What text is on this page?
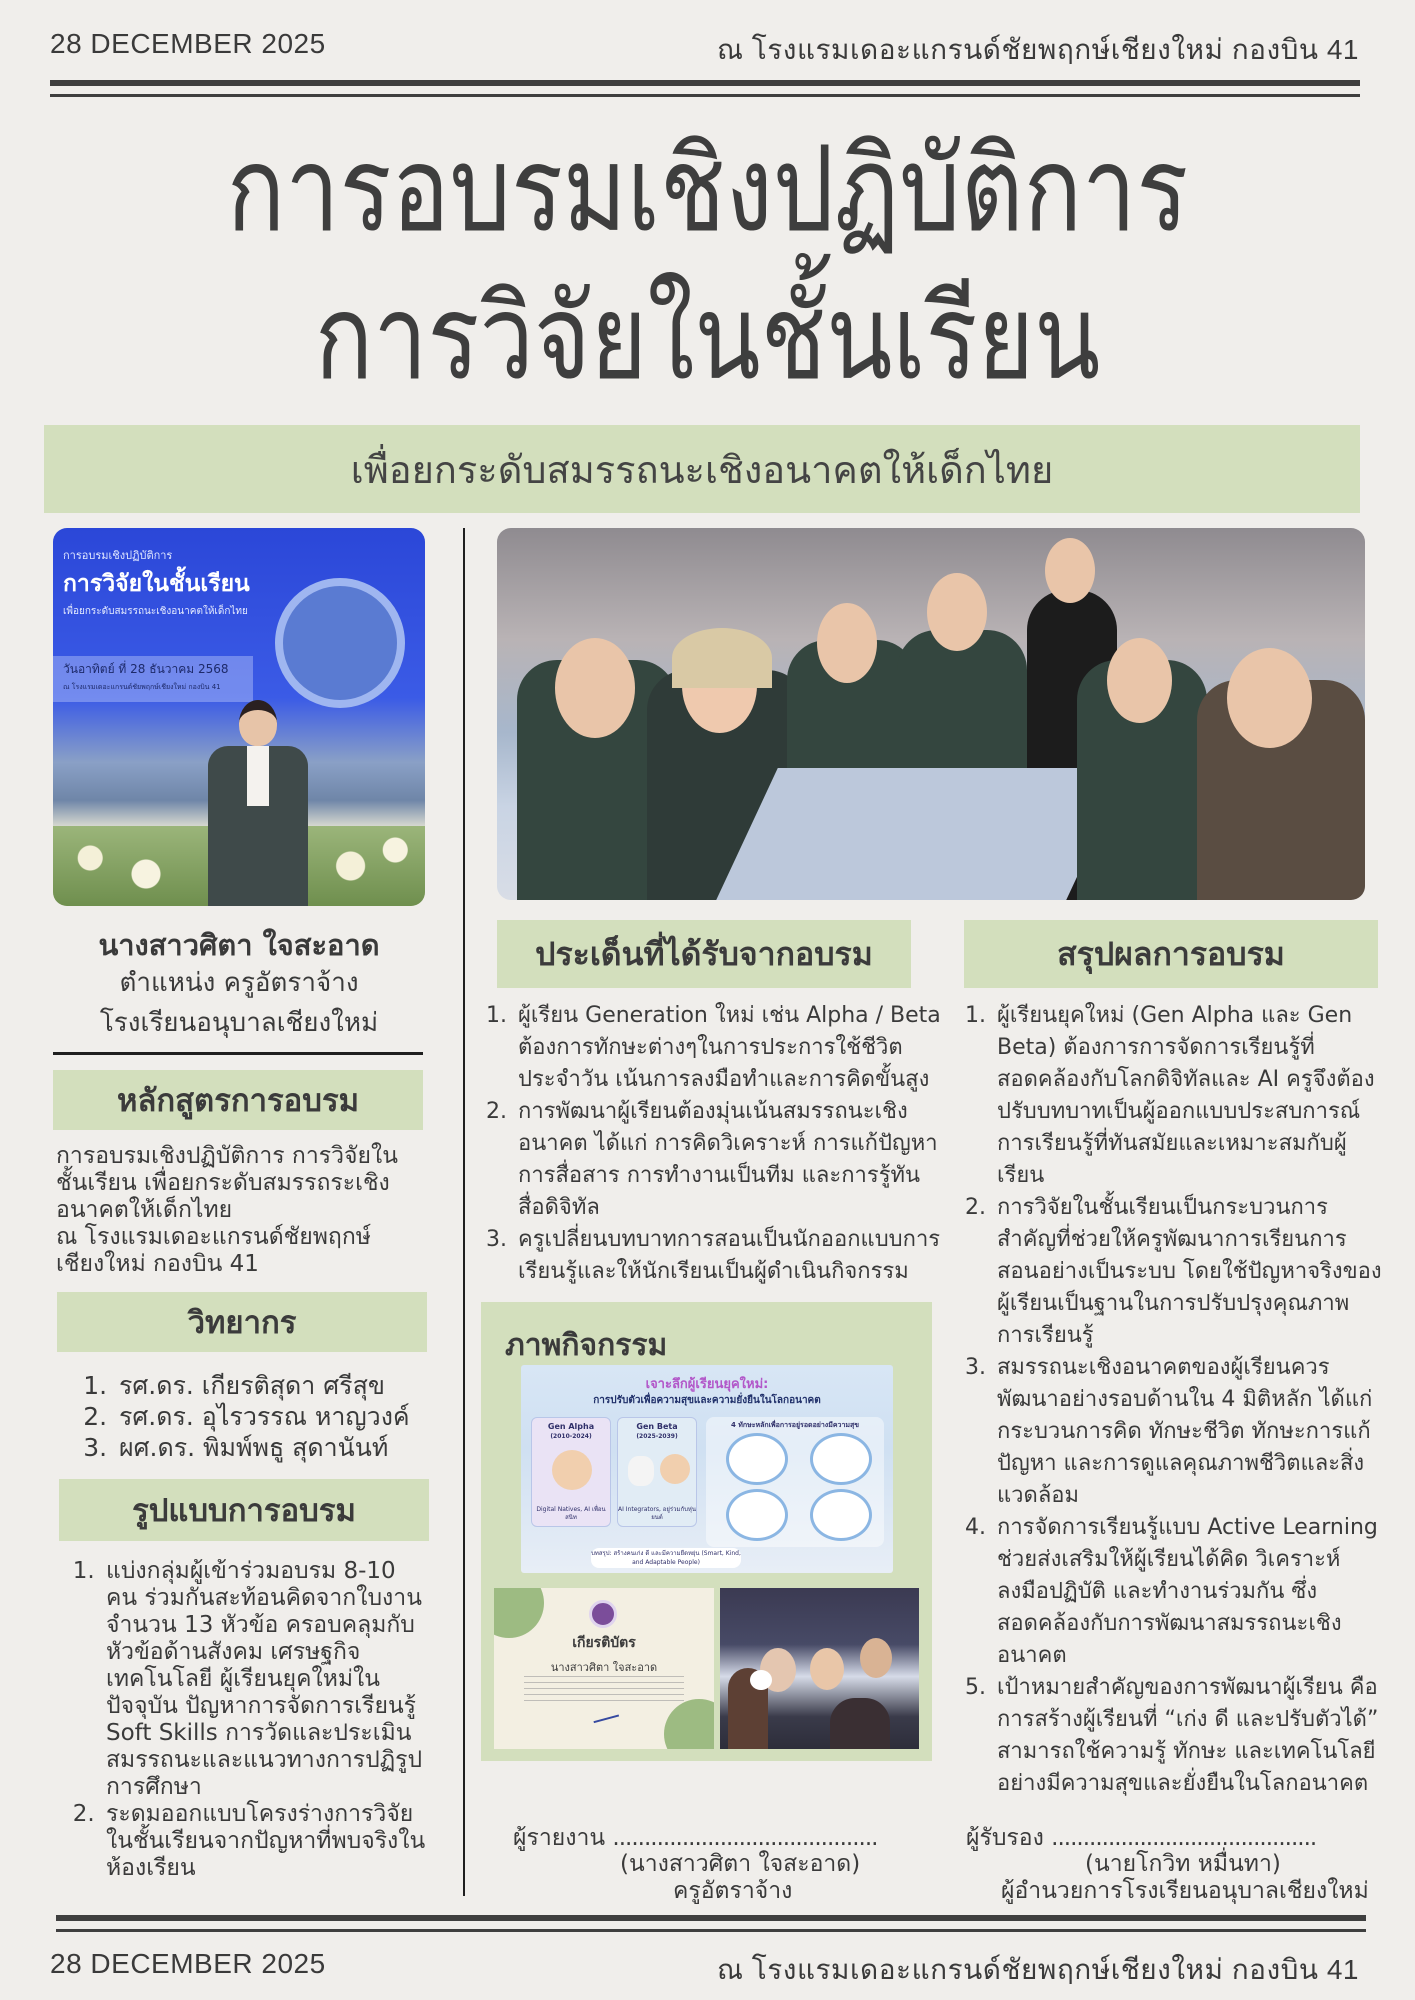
28 DECEMBER 2025	ณ โรงแรมเดอะแกรนด์ชัยพฤกษ์เชียงใหม่ กองบิน 41
การอบรมเชิงปฏิบัติการ
การวิจัยในชั้นเรียน
เพื่อยกระดับสมรรถนะเชิงอนาคตให้เด็กไทย
การอบรมเชิงปฏิบัติการ
การวิจัยในชั้นเรียน
เพื่อยกระดับสมรรถนะเชิงอนาคตให้เด็กไทย
วันอาทิตย์ ที่ 28 ธันวาคม 2568
ณ โรงแรมเดอะแกรนด์ชัยพฤกษ์เชียงใหม่ กองบิน 41
นางสาวศิตา ใจสะอาด
ตำแหน่ง ครูอัตราจ้าง
โรงเรียนอนุบาลเชียงใหม่
หลักสูตรการอบรม
การอบรมเชิงปฏิบัติการ การวิจัยใน
ชั้นเรียน เพื่อยกระดับสมรรถระเชิง
อนาคตให้เด็กไทย
ณ โรงแรมเดอะแกรนด์ชัยพฤกษ์
เชียงใหม่ กองบิน 41
วิทยากร
1. รศ.ดร. เกียรติสุดา ศรีสุข
2. รศ.ดร. อุไรวรรณ หาญวงค์
3. ผศ.ดร. พิมพ์พธู สุดานันท์
รูปแบบการอบรม
1. แบ่งกลุ่มผู้เข้าร่วมอบรม 8-10 คน ร่วมกันสะท้อนคิดจากใบงานจำนวน 13 หัวข้อ ครอบคลุมกับหัวข้อด้านสังคม เศรษฐกิจ เทคโนโลยี ผู้เรียนยุคใหม่ในปัจจุบัน ปัญหาการจัดการเรียนรู้ Soft Skills การวัดและประเมินสมรรถนะและแนวทางการปฏิรูปการศึกษา
2. ระดมออกแบบโครงร่างการวิจัยในชั้นเรียนจากปัญหาที่พบจริงในห้องเรียน
ประเด็นที่ได้รับจากอบรม
1. ผู้เรียน Generation ใหม่ เช่น Alpha / Beta ต้องการทักษะต่างๆในการประการใช้ชีวิตประจำวัน เน้นการลงมือทำและการคิดขั้นสูง
2. การพัฒนาผู้เรียนต้องมุ่นเน้นสมรรถนะเชิงอนาคต ได้แก่ การคิดวิเคราะห์ การแก้ปัญหา การสื่อสาร การทำงานเป็นทีม และการรู้ทันสื่อดิจิทัล
3. ครูเปลี่ยนบทบาทการสอนเป็นนักออกแบบการเรียนรู้และให้นักเรียนเป็นผู้ดำเนินกิจกรรม
ภาพกิจกรรม
เจาะลึกผู้เรียนยุคใหม่:
การปรับตัวเพื่อความสุขและความยั่งยืนในโลกอนาคต
Gen Alpha
(2010-2024)
Digital Natives, AI เพื่อนสนิท
Gen Beta
(2025-2039)
AI Integrators, อยู่ร่วมกับหุ่นยนต์
4 ทักษะหลักเพื่อการอยู่รอดอย่างมีความสุข
บทสรุป: สร้างคนเก่ง ดี และมีความยืดหยุ่น (Smart, Kind, and Adaptable People)
เกียรติบัตร
นางสาวศิตา ใจสะอาด
สรุปผลการอบรม
1. ผู้เรียนยุคใหม่ (Gen Alpha และ Gen Beta) ต้องการการจัดการเรียนรู้ที่สอดคล้องกับโลกดิจิทัลและ AI ครูจึงต้องปรับบทบาทเป็นผู้ออกแบบประสบการณ์การเรียนรู้ที่ทันสมัยและเหมาะสมกับผู้เรียน
2. การวิจัยในชั้นเรียนเป็นกระบวนการสำคัญที่ช่วยให้ครูพัฒนาการเรียนการสอนอย่างเป็นระบบ โดยใช้ปัญหาจริงของผู้เรียนเป็นฐานในการปรับปรุงคุณภาพการเรียนรู้
3. สมรรถนะเชิงอนาคตของผู้เรียนควรพัฒนาอย่างรอบด้านใน 4 มิติหลัก ได้แก่ กระบวนการคิด ทักษะชีวิต ทักษะการแก้ปัญหา และการดูแลคุณภาพชีวิตและสิ่งแวดล้อม
4. การจัดการเรียนรู้แบบ Active Learning ช่วยส่งเสริมให้ผู้เรียนได้คิด วิเคราะห์ ลงมือปฏิบัติ และทำงานร่วมกัน ซึ่งสอดคล้องกับการพัฒนาสมรรถนะเชิงอนาคต
5. เป้าหมายสำคัญของการพัฒนาผู้เรียน คือ การสร้างผู้เรียนที่ “เก่ง ดี และปรับตัวได้” สามารถใช้ความรู้ ทักษะ และเทคโนโลยีอย่างมีความสุขและยั่งยืนในโลกอนาคต
ผู้รายงาน ..........................................
(นางสาวศิตา ใจสะอาด)
ครูอัตราจ้าง
ผู้รับรอง ..........................................
(นายโกวิท หมื่นทา)
ผู้อำนวยการโรงเรียนอนุบาลเชียงใหม่
28 DECEMBER 2025	ณ โรงแรมเดอะแกรนด์ชัยพฤกษ์เชียงใหม่ กองบิน 41
